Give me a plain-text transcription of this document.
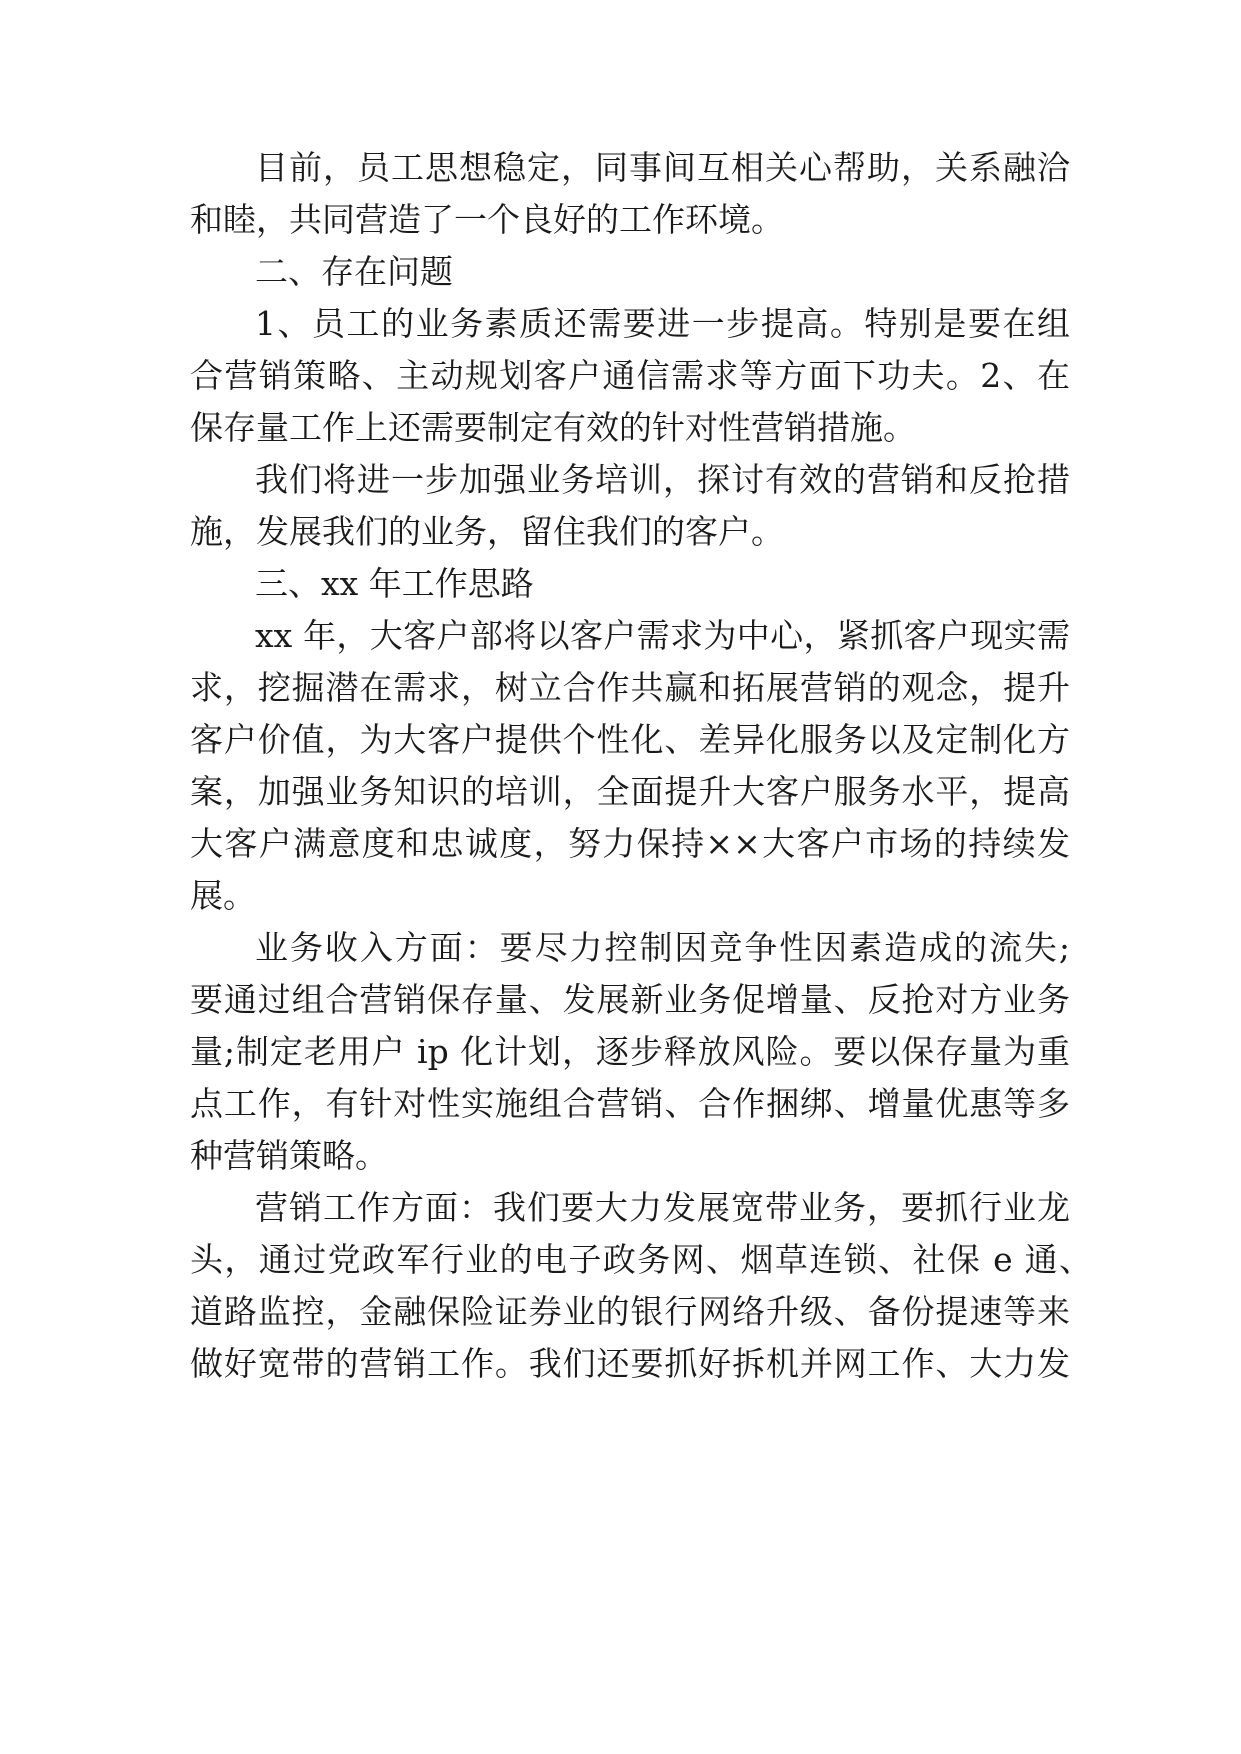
目前，员工思想稳定，同事间互相关心帮助，关系融洽

和睦，共同营造了一个良好的工作环境。

二、存在问题

1、员工的业务素质还需要进一步提高。特别是要在组

合营销策略、主动规划客户通信需求等方面下功夫。2、在

保存量工作上还需要制定有效的针对性营销措施。

我们将进一步加强业务培训，探讨有效的营销和反抢措

施，发展我们的业务，留住我们的客户。

三、xx 年工作思路

xx 年，大客户部将以客户需求为中心，紧抓客户现实需

求，挖掘潜在需求，树立合作共赢和拓展营销的观念，提升

客户价值，为大客户提供个性化、差异化服务以及定制化方

案，加强业务知识的培训，全面提升大客户服务水平，提高

大客户满意度和忠诚度，努力保持××大客户市场的持续发

展。

业务收入方面：要尽力控制因竞争性因素造成的流失;

要通过组合营销保存量、发展新业务促增量、反抢对方业务

量;制定老用户 ip 化计划，逐步释放风险。要以保存量为重

点工作，有针对性实施组合营销、合作捆绑、增量优惠等多

种营销策略。

营销工作方面：我们要大力发展宽带业务，要抓行业龙

头，通过党政军行业的电子政务网、烟草连锁、社保 e 通、

道路监控，金融保险证券业的银行网络升级、备份提速等来

做好宽带的营销工作。我们还要抓好拆机并网工作、大力发
